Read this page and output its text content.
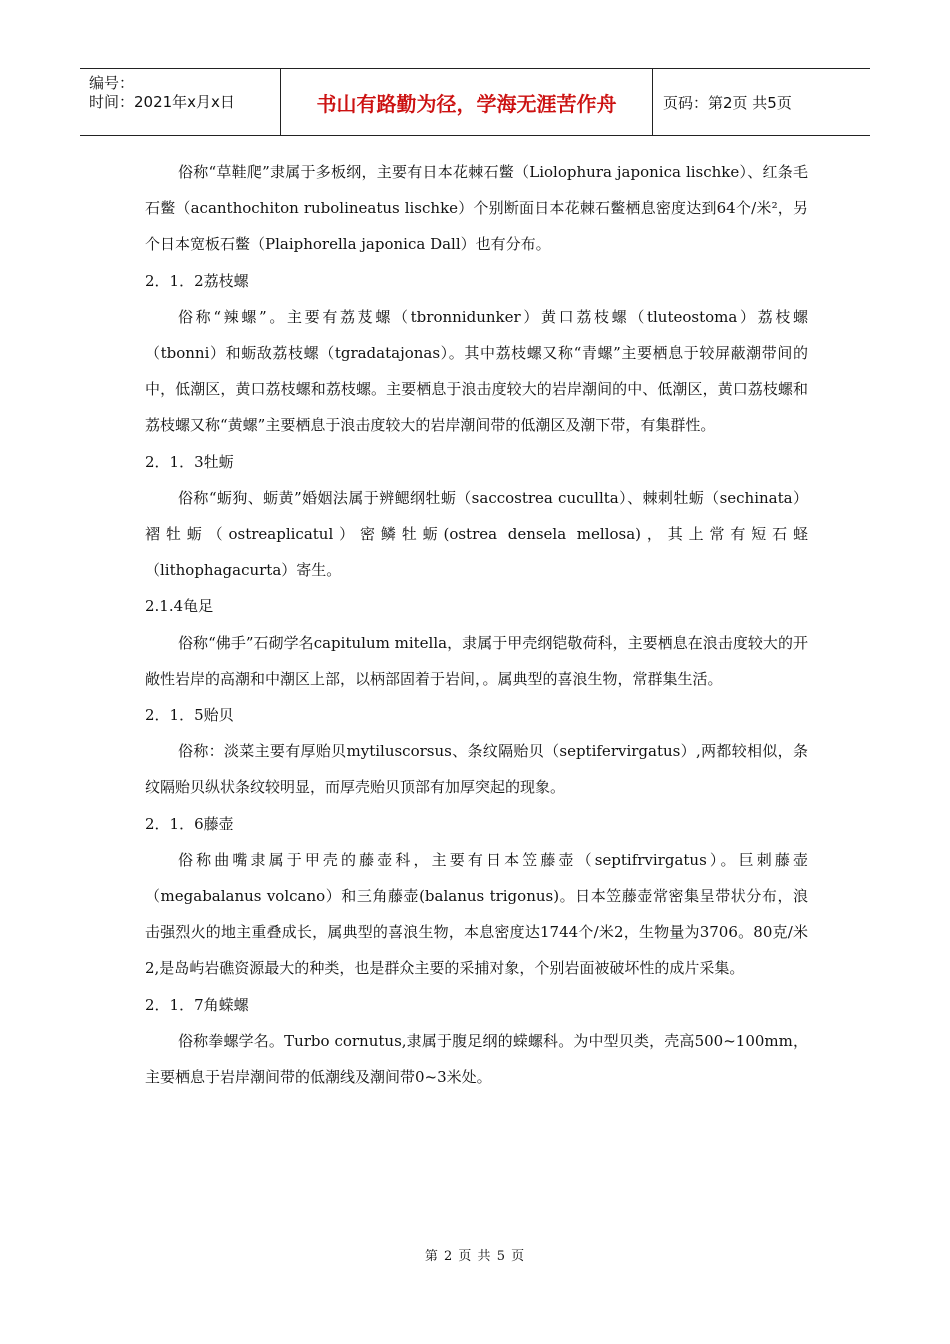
编号：
时间：2021年x月x日	书山有路勤为径，学海无涯苦作舟	页码：第2页 共5页

俗称“草鞋爬”隶属于多板纲，主要有日本花棘石鳖（Liolophura japonica lischke）、红条毛石鳖（acanthochiton rubolineatus lischke）个别断面日本花棘石鳖栖息密度达到64个/米²，另个日本宽板石鳖（Plaiphorella japonica Dall）也有分布。

2．1．2荔枝螺

俗称“辣螺”。主要有荔芨螺（tbronnidunker）黄口荔枝螺（tluteostoma）荔枝螺（tbonni）和蛎敌荔枝螺（tgradatajonas）。其中荔枝螺又称“青螺”主要栖息于较屏蔽潮带间的中，低潮区，黄口荔枝螺和荔枝螺。主要栖息于浪击度较大的岩岸潮间的中、低潮区，黄口荔枝螺和荔枝螺又称“黄螺”主要栖息于浪击度较大的岩岸潮间带的低潮区及潮下带，有集群性。

2．1．3牡蛎

俗称“蛎狗、蛎黄”婚姻法属于辨鳃纲牡蛎（saccostrea cucullta）、棘刺牡蛎（sechinata）褶牡蛎（ostreaplicatul）密鳞牡蛎(ostrea densela mellosa)，其上常有短石蛏（lithophagacurta）寄生。

2.1.4龟足

俗称“佛手”石砌学名capitulum mitella，隶属于甲壳纲铠敬荷科，主要栖息在浪击度较大的开敞性岩岸的高潮和中潮区上部，以柄部固着于岩间，。属典型的喜浪生物，常群集生活。

2．1．5贻贝

俗称：淡菜主要有厚贻贝mytiluscorsus、条纹隔贻贝（septifervirgatus）,两都较相似，条纹隔贻贝纵状条纹较明显，而厚壳贻贝顶部有加厚突起的现象。

2．1．6藤壶

俗称曲嘴隶属于甲壳的藤壶科，主要有日本笠藤壶（septifrvirgatus）。巨刺藤壶（megabalanus volcano）和三角藤壶(balanus trigonus)。日本笠藤壶常密集呈带状分布，浪击强烈火的地主重叠成长，属典型的喜浪生物，本息密度达1744个/米2，生物量为3706。80克/米2,是岛屿岩礁资源最大的种类，也是群众主要的采捕对象，个别岩面被破坏性的成片采集。

2．1．7角蝾螺

俗称拳螺学名。Turbo cornutus,隶属于腹足纲的蝾螺科。为中型贝类，壳高500~100mm，主要栖息于岩岸潮间带的低潮线及潮间带0~3米处。

第 2 页 共 5 页
